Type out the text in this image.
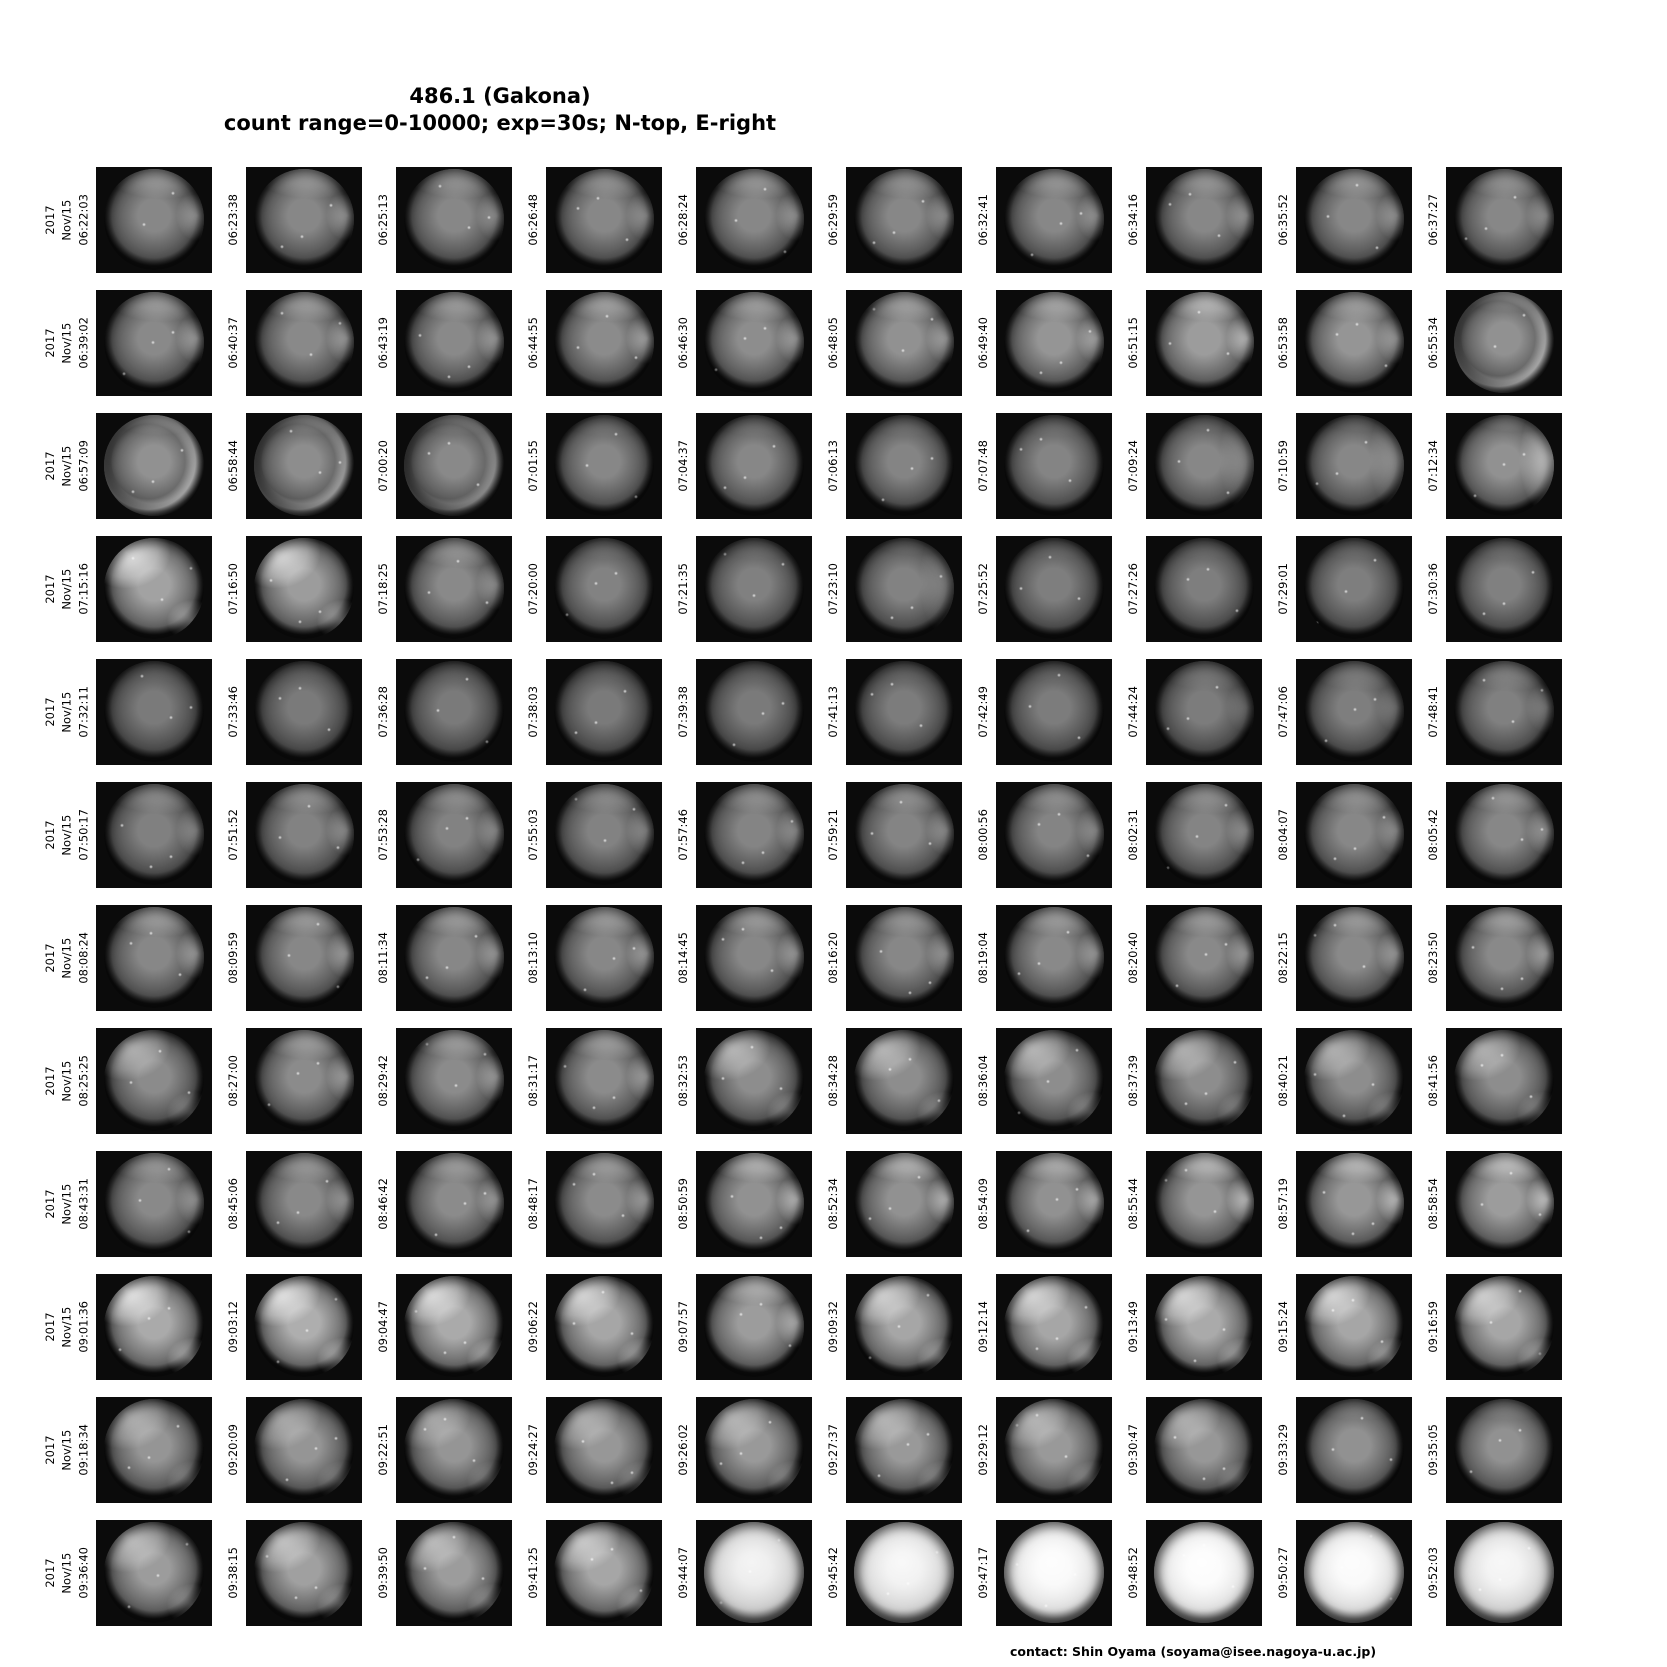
486.1 (Gakona)
count range=0-10000; exp=30s; N-top, E-right
2017 Nov/15 06:22:03	06:23:38	06:25:13	06:26:48	06:28:24	06:29:59	06:32:41	06:34:16	06:35:52	06:37:27
2017 Nov/15 06:39:02	06:40:37	06:43:19	06:44:55	06:46:30	06:48:05	06:49:40	06:51:15	06:53:58	06:55:34
2017 Nov/15 06:57:09	06:58:44	07:00:20	07:01:55	07:04:37	07:06:13	07:07:48	07:09:24	07:10:59	07:12:34
2017 Nov/15 07:15:16	07:16:50	07:18:25	07:20:00	07:21:35	07:23:10	07:25:52	07:27:26	07:29:01	07:30:36
2017 Nov/15 07:32:11	07:33:46	07:36:28	07:38:03	07:39:38	07:41:13	07:42:49	07:44:24	07:47:06	07:48:41
2017 Nov/15 07:50:17	07:51:52	07:53:28	07:55:03	07:57:46	07:59:21	08:00:56	08:02:31	08:04:07	08:05:42
2017 Nov/15 08:08:24	08:09:59	08:11:34	08:13:10	08:14:45	08:16:20	08:19:04	08:20:40	08:22:15	08:23:50
2017 Nov/15 08:25:25	08:27:00	08:29:42	08:31:17	08:32:53	08:34:28	08:36:04	08:37:39	08:40:21	08:41:56
2017 Nov/15 08:43:31	08:45:06	08:46:42	08:48:17	08:50:59	08:52:34	08:54:09	08:55:44	08:57:19	08:58:54
2017 Nov/15 09:01:36	09:03:12	09:04:47	09:06:22	09:07:57	09:09:32	09:12:14	09:13:49	09:15:24	09:16:59
2017 Nov/15 09:18:34	09:20:09	09:22:51	09:24:27	09:26:02	09:27:37	09:29:12	09:30:47	09:33:29	09:35:05
2017 Nov/15 09:36:40	09:38:15	09:39:50	09:41:25	09:44:07	09:45:42	09:47:17	09:48:52	09:50:27	09:52:03
contact: Shin Oyama (soyama@isee.nagoya-u.ac.jp)
